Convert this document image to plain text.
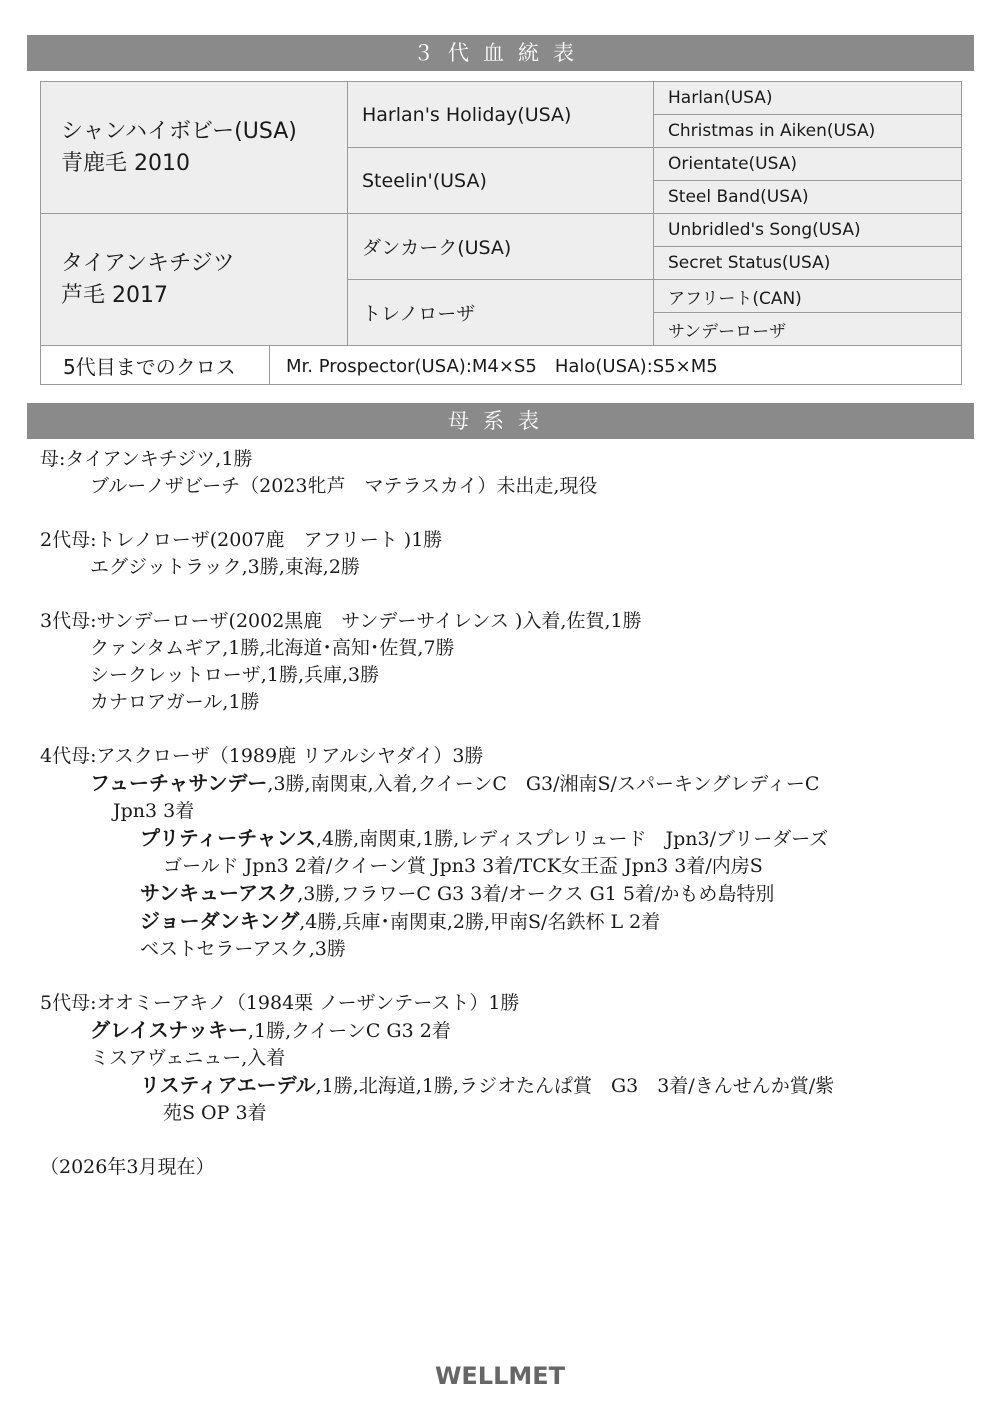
３代血統表
シャンハイボビー(USA)
青鹿毛 2010		Harlan's Holiday(USA)	Harlan(USA)
			Christmas in Aiken(USA)
		Steelin'(USA)	Orientate(USA)
			Steel Band(USA)

タイアンキチジツ
芦毛 2017		ダンカーク(USA)	Unbridled's Song(USA)
			Secret Status(USA)
		トレノローザ	アフリート(CAN)
			サンデーローザ
5代目までのクロス	Mr. Prospector(USA):M4×S5　Halo(USA):S5×M5		
母系表
母:タイアンキチジツ,1勝
ブルーノザビーチ（2023牝芦　マテラスカイ）未出走,現役
2代母:トレノローザ(2007鹿　アフリート )1勝
エグジットラック,3勝,東海,2勝
3代母:サンデーローザ(2002黒鹿　サンデーサイレンス )入着,佐賀,1勝
クァンタムギア,1勝,北海道･高知･佐賀,7勝
シークレットローザ,1勝,兵庫,3勝
カナロアガール,1勝
4代母:アスクローザ（1989鹿 リアルシヤダイ）3勝
フューチャサンデー,3勝,南関東,入着,クイーンC　G3/湘南S/スパーキングレディーC
Jpn3 3着
プリティーチャンス,4勝,南関東,1勝,レディスプレリュード　Jpn3/ブリーダーズ
ゴールド Jpn3 2着/クイーン賞 Jpn3 3着/TCK女王盃 Jpn3 3着/内房S
サンキューアスク,3勝,フラワーC G3 3着/オークス G1 5着/かもめ島特別
ジョーダンキング,4勝,兵庫･南関東,2勝,甲南S/名鉄杯 L 2着
ベストセラーアスク,3勝
5代母:オオミーアキノ（1984栗 ノーザンテースト）1勝
グレイスナッキー,1勝,クイーンC G3 2着
ミスアヴェニュー,入着
リスティアエーデル,1勝,北海道,1勝,ラジオたんぱ賞　G3　3着/きんせんか賞/紫
苑S OP 3着
（2026年3月現在）
WELLMET
